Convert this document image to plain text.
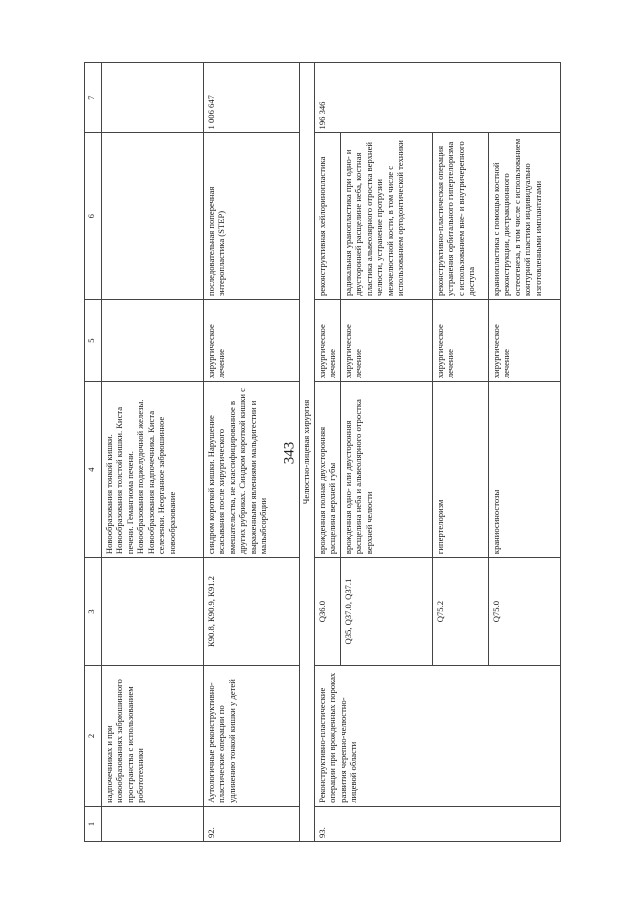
343
1	2	3	4	5	6	7
	надпочечниках и при новообразованиях забрюшинного пространства с использованием робототехники		Новообразования тонкой кишки. Новообразования толстой кишки. Киста печени. Гемангиома печени. Новообразования поджелудочной железы. Новообразования надпочечника. Киста селезенки. Неорганное забрюшинное новообразование			
92.	Аутологичные реконструктивно-пластические операции по удлинению тонкой кишки у детей	К90.8, К90.9, К91.2	синдром короткой кишки. Нарушение всасывания после хирургического вмешательства, не классифицированное в других рубриках. Синдром короткой кишки с выраженными явлениями мальдигестии и мальабсорбции	хирургическое лечение	последовательная поперечная энтеропластика (STEP)	1 006 647
Челюстно-лицевая хирургия						
93.	Реконструктивно-пластические операции при врожденных пороках развития черепно-челюстно-лицевой области	Q36.0	врожденная полная двухсторонняя расщелина верхней губы	хирургическое лечение	реконструктивная хейлоринопластика	196 346
		Q35, Q37.0, Q37.1	врожденная одно- или двусторонняя расщелина неба и альвеолярного отростка верхней челюсти	хирургическое лечение	радикальная уранопластика при одно- и двусторонней расщелине неба, костная пластика альвеолярного отростка верхней челюсти, устранение протрузии межчелюстной кости, в том числе с использованием ортодонтической техники	
		Q75.2	гипертелоризм	хирургическое лечение	реконструктивно-пластическая операция устранения орбитального гипертелоризма с использованием вне- и внутричерепного доступа	
		Q75.0	краниосиностозы	хирургическое лечение	краниопластика с помощью костной реконструкции, дистракционного остеогенеза, в том числе с использованием контурной пластики индивидуально изготовленными имплантатами	
